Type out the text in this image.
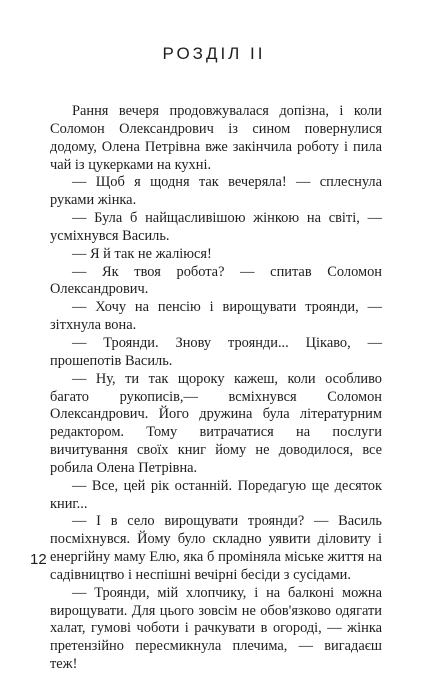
РОЗДІЛ II

Рання вечеря продовжувалася допізна, і коли Соломон Олександрович із сином повернулися додому, Олена Петрівна вже закінчила роботу і пила чай із цукерками на кухні.

— Щоб я щодня так вечеряла! — сплеснула руками жінка.

— Була б найщасливішою жінкою на світі, — усміхнувся Василь.

— Я й так не жаліюся!

— Як твоя робота? — спитав Соломон Олександрович.

— Хочу на пенсію і вирощувати троянди, — зітхнула вона.

— Троянди. Знову троянди... Цікаво, — прошепотів Василь.

— Ну, ти так щороку кажеш, коли особливо багато рукописів,— всміхнувся Соломон Олександрович. Його дружина була літературним редактором. Тому витрачатися на послуги вичитування своїх книг йому не доводилося, все робила Олена Петрівна.

— Все, цей рік останній. Поредагую ще десяток книг...

— І в село вирощувати троянди? — Василь посміхнувся. Йому було складно уявити діловиту і енергійну маму Елю, яка б проміняла міське життя на садівництво і неспішні вечірні бесіди з сусідами.

— Троянди, мій хлопчику, і на балконі можна вирощувати. Для цього зовсім не обов'язково одягати халат, гумові чоботи і рачкувати в огороді, — жінка претензійно пересмикнула плечима, — вигадаєш теж!

12
